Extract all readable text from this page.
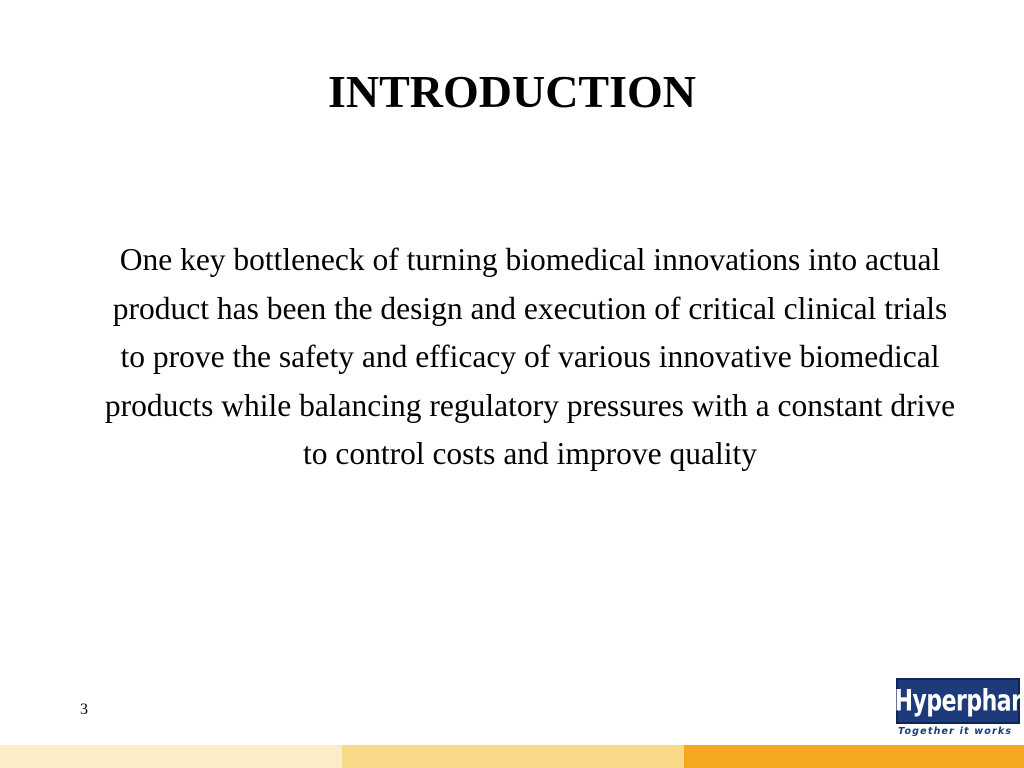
INTRODUCTION

One key bottleneck of turning biomedical innovations into actual product has been the design and execution of critical clinical trials to prove the safety and efficacy of various innovative biomedical products while balancing regulatory pressures with a constant drive to control costs and improve quality

3	Hyperphar
Together it works
